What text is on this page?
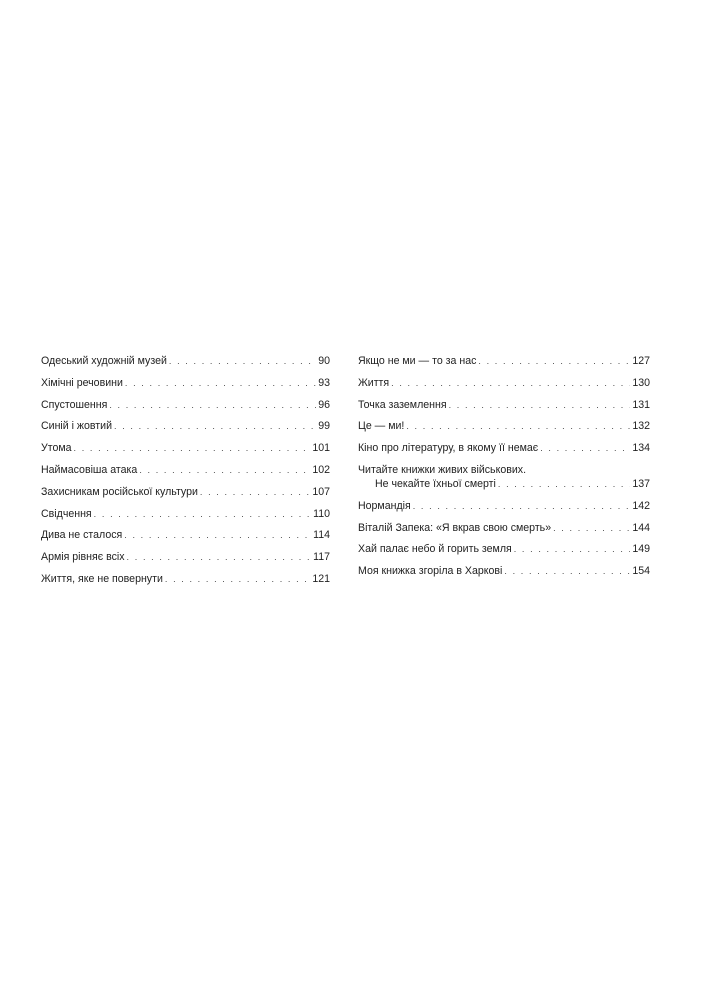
Одеський художній музей . . .	90
Хімічні речовини . . .	93
Спустошення . . .	96
Синій і жовтий . . .	99
Утома . . .	101
Наймасовіша атака . . .	102
Захисникам російської культури . . .	107
Свідчення . . .	110
Дива не сталося . . .	114
Армія рівняє всіх . . .	117
Життя, яке не повернути . . .	121
Якщо не ми — то за нас . . .	127
Життя . . .	130
Точка заземлення . . .	131
Це — ми! . . .	132
Кіно про літературу, в якому її немає . . .	134
Читайте книжки живих військових.
Не чекайте їхньої смерті . . .	137
Нормандія . . .	142
Віталій Запека: «Я вкрав свою смерть» . . .	144
Хай палає небо й горить земля . . .	149
Моя книжка згоріла в Харкові . . .	154
